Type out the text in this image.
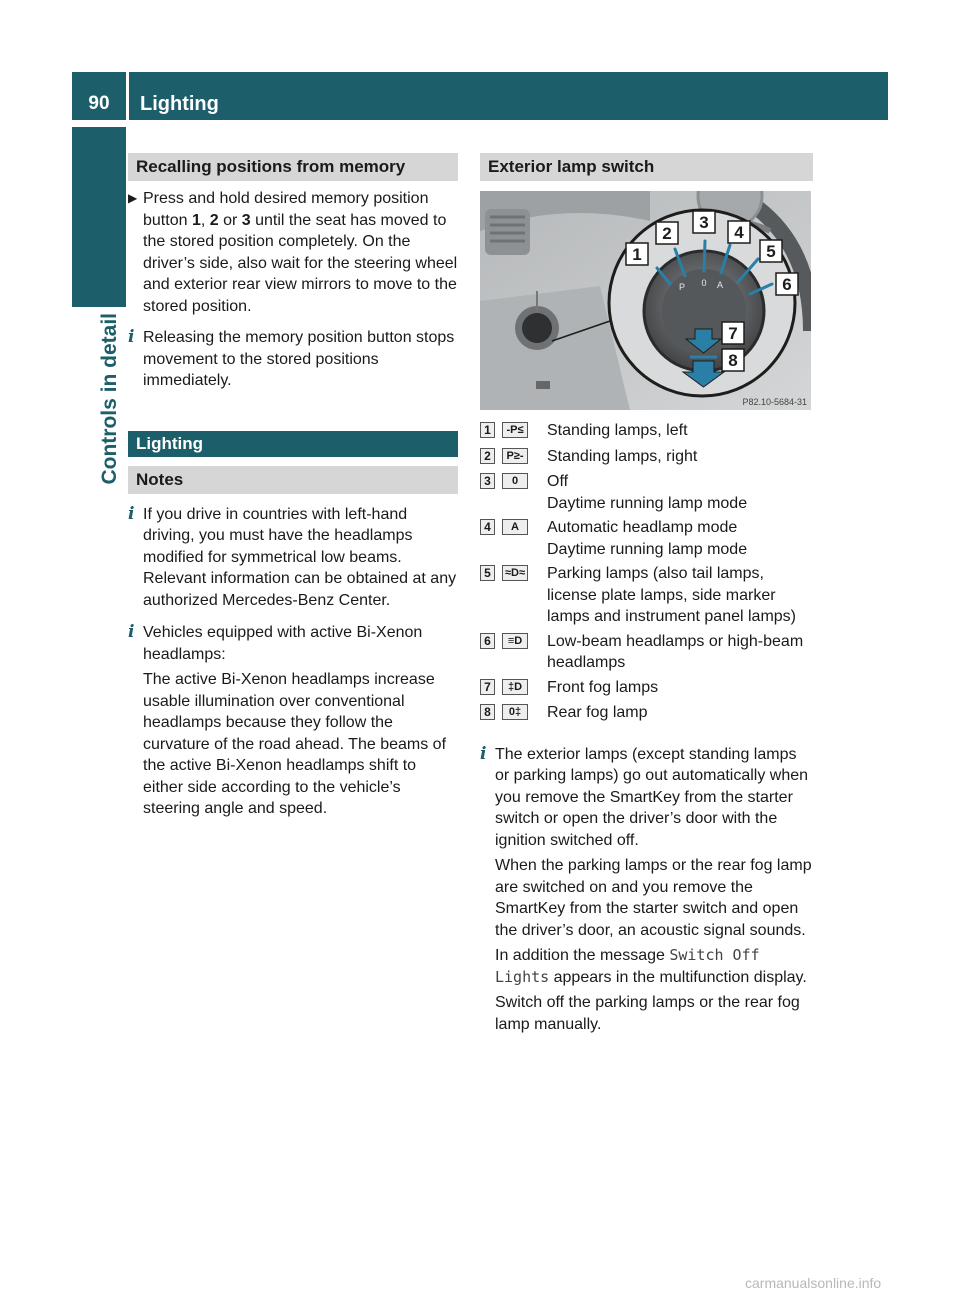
90	Lighting
Controls in detail
Recalling positions from memory
▶ Press and hold desired memory position button 1, 2 or 3 until the seat has moved to the stored position completely. On the driver’s side, also wait for the steering wheel and exterior rear view mirrors to move to the stored position.
i Releasing the memory position button stops movement to the stored positions immediately.
Lighting
Notes
i If you drive in countries with left-hand driving, you must have the headlamps modified for symmetrical low beams. Relevant information can be obtained at any authorized Mercedes-Benz Center.
i Vehicles equipped with active Bi-Xenon headlamps:
The active Bi-Xenon headlamps increase usable illumination over conventional headlamps because they follow the curvature of the road ahead. The beams of the active Bi-Xenon headlamps shift to either side according to the vehicle’s steering angle and speed.
Exterior lamp switch
P 0 A
1
2
3
4
5
6
7
8
P82.10-5684-31
1	-P≤ Standing lamps, left
2	P≥- Standing lamps, right
3	0	Off
Daytime running lamp mode
4	A	Automatic headlamp mode
Daytime running lamp mode
5	≈D≈ Parking lamps (also tail lamps, license plate lamps, side marker lamps and instrument panel lamps)
6	≡D	Low-beam headlamps or high-beam headlamps
7	‡D	Front fog lamps
8	0‡	Rear fog lamp
i The exterior lamps (except standing lamps or parking lamps) go out automatically when you remove the SmartKey from the starter switch or open the driver’s door with the ignition switched off.
When the parking lamps or the rear fog lamp are switched on and you remove the SmartKey from the starter switch and open the driver’s door, an acoustic signal sounds.
In addition the message Switch Off Lights appears in the multifunction display.
Switch off the parking lamps or the rear fog lamp manually.
carmanualsonline.info
